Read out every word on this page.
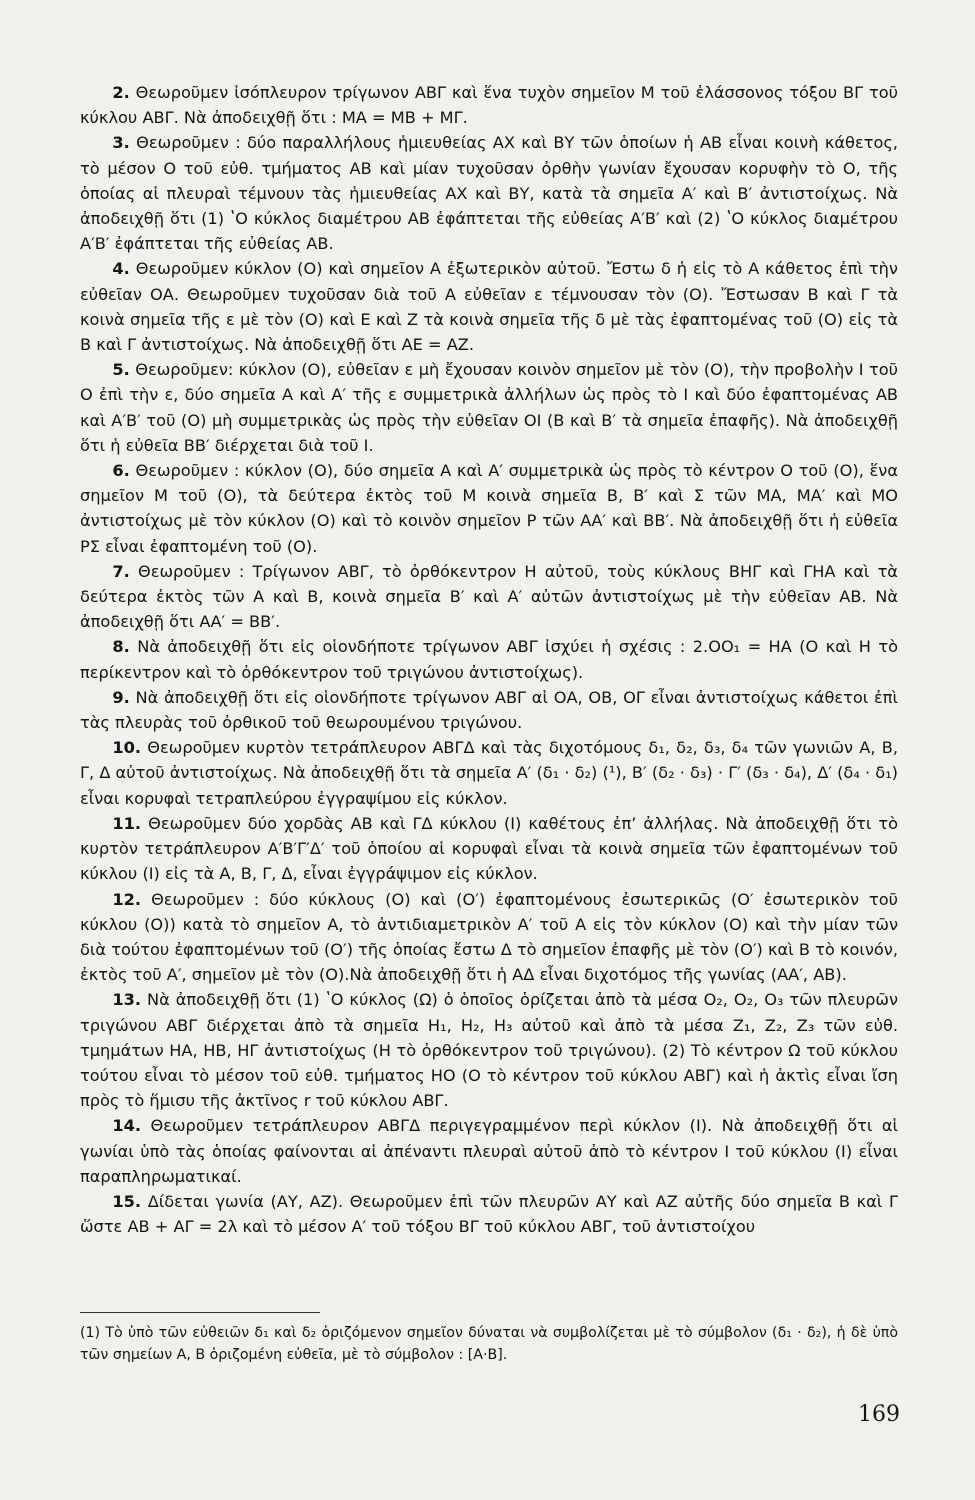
  2. Θεωροῦμεν ἰσόπλευρον τρίγωνον ΑΒΓ καὶ ἕνα τυχὸν σημεῖον Μ τοῦ ἐλάσσονος τόξου ΒΓ τοῦ κύκλου ΑΒΓ. Νὰ ἀποδειχθῇ ὅτι : ΜΑ = ΜΒ + ΜΓ.

  3. Θεωροῦμεν : δύο παραλλήλους ἡμιευθείας ΑΧ καὶ ΒΥ τῶν ὁποίων ἡ ΑΒ εἶναι κοινὴ κάθετος, τὸ μέσον Ο τοῦ εὐθ. τμήματος ΑΒ καὶ μίαν τυχοῦσαν ὀρθὴν γωνίαν ἔχουσαν κορυφὴν τὸ Ο, τῆς ὁποίας αἱ πλευραὶ τέμνουν τὰς ἡμιευθείας ΑΧ καὶ ΒΥ, κατὰ τὰ σημεῖα Α′ καὶ Β′ ἀντιστοίχως. Νὰ ἀποδειχθῇ ὅτι (1) ʽΟ κύκλος διαμέτρου ΑΒ ἐφάπτεται τῆς εὐθείας Α′Β′ καὶ (2) ʽΟ κύκλος διαμέτρου Α′Β′ ἐφάπτεται τῆς εὐθείας ΑΒ.

  4. Θεωροῦμεν κύκλον (Ο) καὶ σημεῖον Α ἐξωτερικὸν αὐτοῦ. Ἔστω δ ἡ εἰς τὸ Α κάθετος ἐπὶ τὴν εὐθεῖαν ΟΑ. Θεωροῦμεν τυχοῦσαν διὰ τοῦ Α εὐθεῖαν ε τέμνουσαν τὸν (Ο). Ἔστωσαν Β καὶ Γ τὰ κοινὰ σημεῖα τῆς ε μὲ τὸν (Ο) καὶ Ε καὶ Ζ τὰ κοινὰ σημεῖα τῆς δ μὲ τὰς ἐφαπτομένας τοῦ (Ο) εἰς τὰ Β καὶ Γ ἀντιστοίχως. Νὰ ἀποδειχθῇ ὅτι ΑΕ = ΑΖ.

  5. Θεωροῦμεν: κύκλον (Ο), εὐθεῖαν ε μὴ ἔχουσαν κοινὸν σημεῖον μὲ τὸν (Ο), τὴν προβολὴν Ι τοῦ Ο ἐπὶ τὴν ε, δύο σημεῖα Α καὶ Α′ τῆς ε συμμετρικὰ ἀλλήλων ὡς πρὸς τὸ Ι καὶ δύο ἐφαπτομένας ΑΒ καὶ Α′Β′ τοῦ (Ο) μὴ συμμετρικὰς ὡς πρὸς τὴν εὐθεῖαν ΟΙ (Β καὶ Β′ τὰ σημεῖα ἐπαφῆς). Νὰ ἀποδειχθῇ ὅτι ἡ εὐθεῖα ΒΒ′ διέρχεται διὰ τοῦ Ι.

  6. Θεωροῦμεν : κύκλον (Ο), δύο σημεῖα Α καὶ Α′ συμμετρικὰ ὡς πρὸς τὸ κέντρον Ο τοῦ (Ο), ἕνα σημεῖον Μ τοῦ (Ο), τὰ δεύτερα ἐκτὸς τοῦ Μ κοινὰ σημεῖα Β, Β′ καὶ Σ τῶν ΜΑ, ΜΑ′ καὶ ΜΟ ἀντιστοίχως μὲ τὸν κύκλον (Ο) καὶ τὸ κοινὸν σημεῖον Ρ τῶν ΑΑ′ καὶ ΒΒ′. Νὰ ἀποδειχθῇ ὅτι ἡ εὐθεῖα ΡΣ εἶναι ἐφαπτομένη τοῦ (Ο).

  7. Θεωροῦμεν : Τρίγωνον ΑΒΓ, τὸ ὀρθόκεντρον Η αὐτοῦ, τοὺς κύκλους ΒΗΓ καὶ ΓΗΑ καὶ τὰ δεύτερα ἐκτὸς τῶν Α καὶ Β, κοινὰ σημεῖα Β′ καὶ Α′ αὐτῶν ἀντιστοίχως μὲ τὴν εὐθεῖαν ΑΒ. Νὰ ἀποδειχθῇ ὅτι ΑΑ′ = ΒΒ′.

  8. Νὰ ἀποδειχθῇ ὅτι εἰς οἱονδήποτε τρίγωνον ΑΒΓ ἰσχύει ἡ σχέσις : 2.ΟΟ₁ = ΗΑ (Ο καὶ Η τὸ περίκεντρον καὶ τὸ ὀρθόκεντρον τοῦ τριγώνου ἀντιστοίχως).

  9. Νὰ ἀποδειχθῇ ὅτι εἰς οἱονδήποτε τρίγωνον ΑΒΓ αἱ ΟΑ, ΟΒ, ΟΓ εἶναι ἀντιστοίχως κάθετοι ἐπὶ τὰς πλευρὰς τοῦ ὀρθικοῦ τοῦ θεωρουμένου τριγώνου.

  10. Θεωροῦμεν κυρτὸν τετράπλευρον ΑΒΓΔ καὶ τὰς διχοτόμους δ₁, δ₂, δ₃, δ₄ τῶν γωνιῶν Α, Β, Γ, Δ αὐτοῦ ἀντιστοίχως. Νὰ ἀποδειχθῇ ὅτι τὰ σημεῖα Α′ (δ₁ · δ₂) (¹), Β′ (δ₂ · δ₃) · Γ′ (δ₃ · δ₄), Δ′ (δ₄ · δ₁) εἶναι κορυφαὶ τετραπλεύρου ἐγγραψίμου εἰς κύκλον.

  11. Θεωροῦμεν δύο χορδὰς ΑΒ καὶ ΓΔ κύκλου (Ι) καθέτους ἐπ’ ἀλλήλας. Νὰ ἀποδειχθῇ ὅτι τὸ κυρτὸν τετράπλευρον Α′Β′Γ′Δ′ τοῦ ὁποίου αἱ κορυφαὶ εἶναι τὰ κοινὰ σημεῖα τῶν ἐφαπτομένων τοῦ κύκλου (Ι) εἰς τὰ Α, Β, Γ, Δ, εἶναι ἐγγράψιμον εἰς κύκλον.

  12. Θεωροῦμεν : δύο κύκλους (Ο) καὶ (Ο′) ἐφαπτομένους ἐσωτερικῶς (Ο′ ἐσωτερικὸν τοῦ κύκλου (Ο)) κατὰ τὸ σημεῖον Α, τὸ ἀντιδιαμετρικὸν Α′ τοῦ Α εἰς τὸν κύκλον (Ο) καὶ τὴν μίαν τῶν διὰ τούτου ἐφαπτομένων τοῦ (Ο′) τῆς ὁποίας ἔστω Δ τὸ σημεῖον ἐπαφῆς μὲ τὸν (Ο′) καὶ Β τὸ κοινόν, ἐκτὸς τοῦ Α′, σημεῖον μὲ τὸν (Ο).Νὰ ἀποδειχθῇ ὅτι ἡ ΑΔ εἶναι διχοτόμος τῆς γωνίας (ΑΑ′, ΑΒ).

  13. Νὰ ἀποδειχθῇ ὅτι (1) ʽΟ κύκλος (Ω) ὁ ὁποῖος ὁρίζεται ἀπὸ τὰ μέσα Ο₂, Ο₂, Ο₃ τῶν πλευρῶν τριγώνου ΑΒΓ διέρχεται ἀπὸ τὰ σημεῖα Η₁, Η₂, Η₃ αὐτοῦ καὶ ἀπὸ τὰ μέσα Ζ₁, Ζ₂, Ζ₃ τῶν εὐθ. τμημάτων ΗΑ, ΗΒ, ΗΓ ἀντιστοίχως (Η τὸ ὀρθόκεντρον τοῦ τριγώνου). (2) Τὸ κέντρον Ω τοῦ κύκλου τούτου εἶναι τὸ μέσον τοῦ εὐθ. τμήματος ΗΟ (Ο τὸ κέντρον τοῦ κύκλου ΑΒΓ) καὶ ἡ ἀκτὶς εἶναι ἴση πρὸς τὸ ἥμισυ τῆς ἀκτῖνος r τοῦ κύκλου ΑΒΓ.

  14. Θεωροῦμεν τετράπλευρον ΑΒΓΔ περιγεγραμμένον περὶ κύκλον (Ι). Νὰ ἀποδειχθῇ ὅτι αἱ γωνίαι ὑπὸ τὰς ὁποίας φαίνονται αἱ ἀπέναντι πλευραὶ αὐτοῦ ἀπὸ τὸ κέντρον Ι τοῦ κύκλου (Ι) εἶναι παραπληρωματικαί.

  15. Δίδεται γωνία (ΑΥ, ΑΖ). Θεωροῦμεν ἐπὶ τῶν πλευρῶν ΑΥ καὶ ΑΖ αὐτῆς δύο σημεῖα Β καὶ Γ ὥστε ΑΒ + ΑΓ = 2λ καὶ τὸ μέσον Α′ τοῦ τόξου ΒΓ τοῦ κύκλου ΑΒΓ, τοῦ ἀντιστοίχου

(1) Τὸ ὑπὸ τῶν εὐθειῶν δ₁ καὶ δ₂ ὁριζόμενον σημεῖον δύναται νὰ συμβολίζεται μὲ τὸ σύμβολον (δ₁ · δ₂), ἡ δὲ ὑπὸ τῶν σημείων Α, Β ὁριζομένη εὐθεῖα, μὲ τὸ σύμβολον : [Α·Β].
169
